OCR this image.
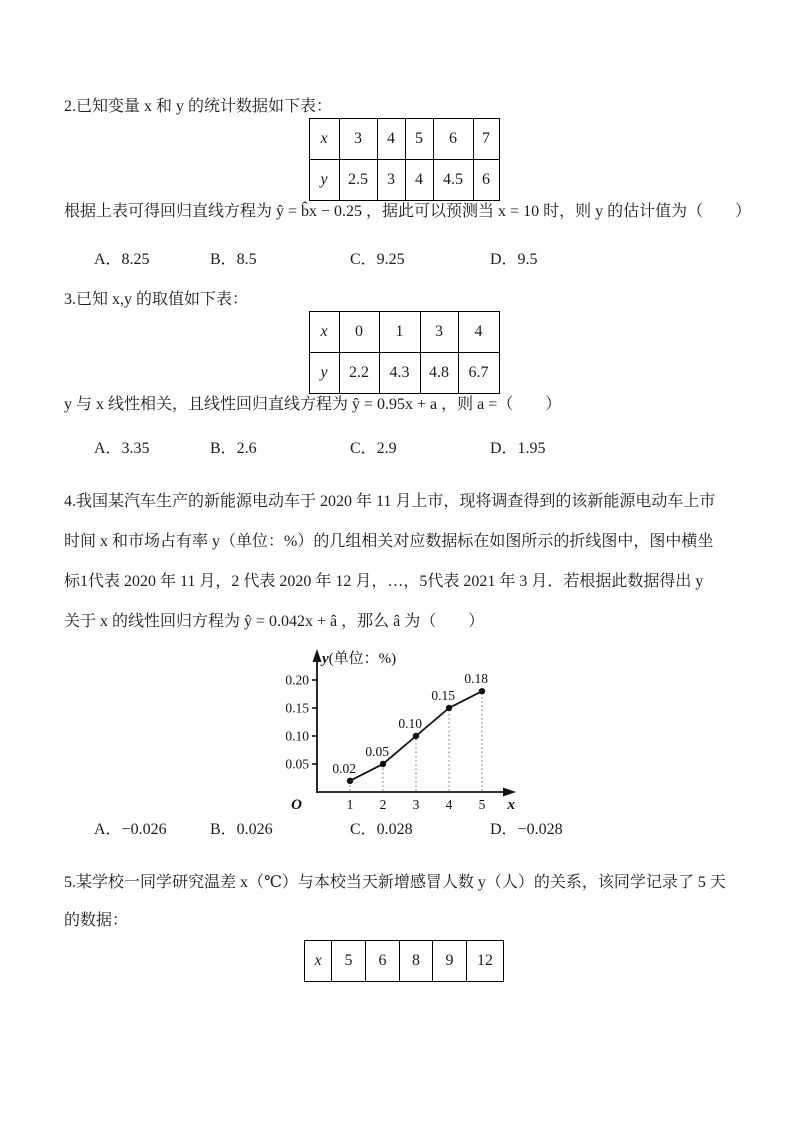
2.已知变量 x 和 y 的统计数据如下表：

x	3	4	5	6	7
y	2.5	3	4	4.5	6

根据上表可得回归直线方程为 ŷ = b̂x − 0.25 ，据此可以预测当 x = 10 时，则 y 的估计值为（　　）

A．8.25	B．8.5	C．9.25	D．9.5

3.已知 x,y 的取值如下表：

x	0	1	3	4
y	2.2	4.3	4.8	6.7

y 与 x 线性相关，且线性回归直线方程为 ŷ = 0.95x + a ，则 a =（　　）

A．3.35	B．2.6	C．2.9	D．1.95

4.我国某汽车生产的新能源电动车于 2020 年 11 月上市，现将调查得到的该新能源电动车上市

时间 x 和市场占有率 y（单位：%）的几组相关对应数据标在如图所示的折线图中，图中横坐

标1代表 2020 年 11 月，2 代表 2020 年 12 月，…，5代表 2021 年 3 月．若根据此数据得出 y

关于 x 的线性回归方程为 ŷ = 0.042x + â ，那么 â 为（　　）

0.02
0.05
0.10
0.15
0.18
0.05
0.10
0.15
0.20
1 2 3 4 5
y(单位：%)
x
O
A．−0.026	B．0.026	C．0.028	D．−0.028

5.某学校一同学研究温差 x（℃）与本校当天新增感冒人数 y（人）的关系，该同学记录了 5 天

的数据：

x	5	6	8	9	12
